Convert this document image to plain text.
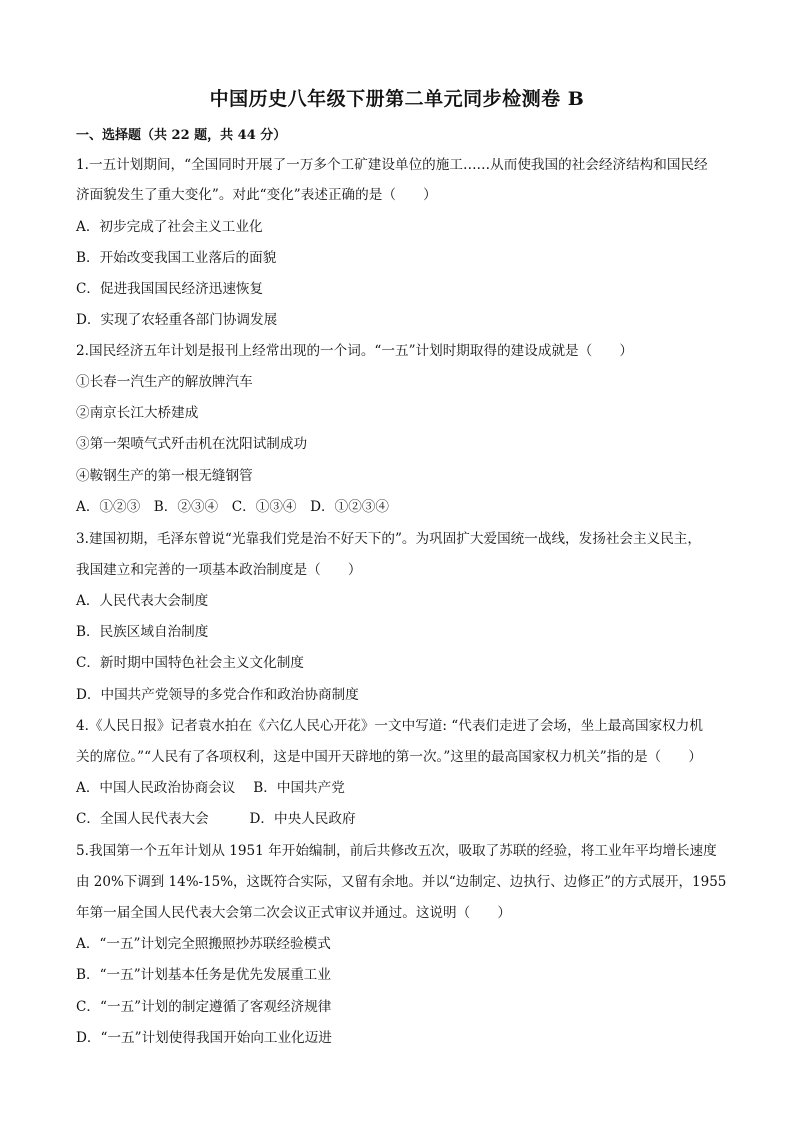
中国历史八年级下册第二单元同步检测卷 B
一、选择题（共 22 题，共 44 分）
1.一五计划期间，“全国同时开展了一万多个工矿建设单位的施工……从而使我国的社会经济结构和国民经
济面貌发生了重大变化”。对此“变化”表述正确的是（　　）
A．初步完成了社会主义工业化
B．开始改变我国工业落后的面貌
C．促进我国国民经济迅速恢复
D．实现了农轻重各部门协调发展
2.国民经济五年计划是报刊上经常出现的一个词。“一五”计划时期取得的建设成就是（　　）
①长春一汽生产的解放牌汽车
②南京长江大桥建成
③第一架喷气式歼击机在沈阳试制成功
④鞍钢生产的第一根无缝钢管
A．①②③　B．②③④　C．①③④　D．①②③④
3.建国初期，毛泽东曾说“光靠我们党是治不好天下的”。为巩固扩大爱国统一战线，发扬社会主义民主，
我国建立和完善的一项基本政治制度是（　　）
A．人民代表大会制度
B．民族区域自治制度
C．新时期中国特色社会主义文化制度
D．中国共产党领导的多党合作和政治协商制度
4.《人民日报》记者袁水拍在《六亿人民心开花》一文中写道: “代表们走进了会场，坐上最高国家权力机
关的席位。”“人民有了各项权利，这是中国开天辟地的第一次。”这里的最高国家权力机关”指的是（　　）
A．中国人民政治协商会议　 B．中国共产党
C．全国人民代表大会　　　D．中央人民政府
5.我国第一个五年计划从 1951 年开始编制，前后共修改五次，吸取了苏联的经验，将工业年平均增长速度
由 20%下调到 14%-15%，这既符合实际，又留有余地。并以“边制定、边执行、边修正”的方式展开，1955
年第一届全国人民代表大会第二次会议正式审议并通过。这说明（　　）
A．“一五”计划完全照搬照抄苏联经验模式
B．“一五”计划基本任务是优先发展重工业
C．“一五”计划的制定遵循了客观经济规律
D．“一五”计划使得我国开始向工业化迈进
